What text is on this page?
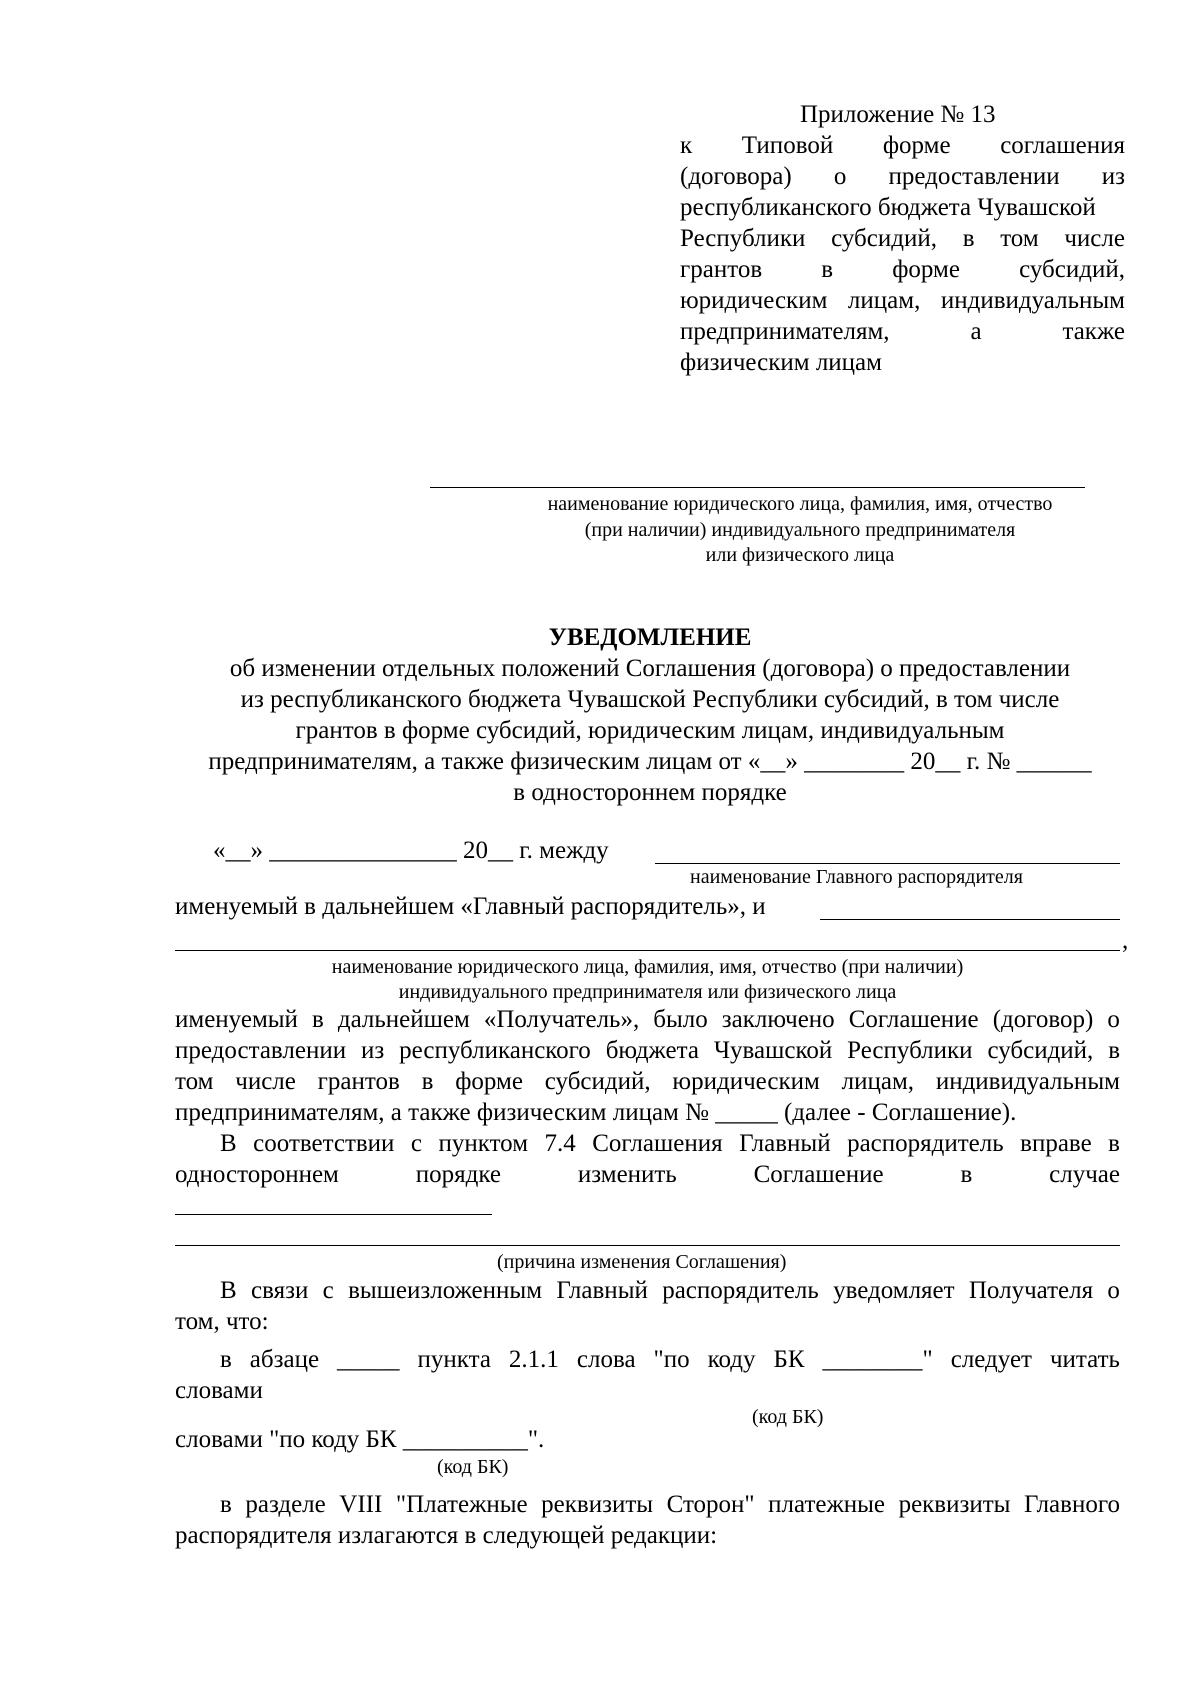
Приложение № 13
к Типовой форме соглашения
(договора) о предоставлении из
республиканского бюджета Чувашской
Республики субсидий, в том числе
грантов в форме субсидий,
юридическим лицам, индивидуальным
предпринимателям,	а	также
физическим лицам
наименование юридического лица, фамилия, имя, отчество
(при наличии) индивидуального предпринимателя
или физического лица
УВЕДОМЛЕНИЕ
об изменении отдельных положений Соглашения (договора) о предоставлении
из республиканского бюджета Чувашской Республики субсидий, в том числе
грантов в форме субсидий, юридическим лицам, индивидуальным
предпринимателям, а также физическим лицам от «__» ________ 20__ г. № ______
в одностороннем порядке
«__» _______________ 20__ г. между
наименование Главного распорядителя
именуемый в дальнейшем «Главный распорядитель», и
,
наименование юридического лица, фамилия, имя, отчество (при наличии)
индивидуального предпринимателя или физического лица
именуемый в дальнейшем «Получатель», было заключено Соглашение (договор) о
предоставлении из республиканского бюджета Чувашской Республики субсидий, в
том числе грантов в форме субсидий, юридическим лицам, индивидуальным
предпринимателям, а также физическим лицам № _____ (далее - Соглашение).
В соответствии с пунктом 7.4 Соглашения Главный распорядитель вправе в
одностороннем	порядке	изменить	Соглашение	в	случае
(причина изменения Соглашения)
В связи с вышеизложенным Главный распорядитель уведомляет Получателя о
том, что:
в абзаце _____ пункта 2.1.1 слова "по коду БК ________" следует читать
словами
(код БК)
словами "по коду БК __________".
(код БК)
в разделе VIII "Платежные реквизиты Сторон" платежные реквизиты Главного
распорядителя излагаются в следующей редакции:
